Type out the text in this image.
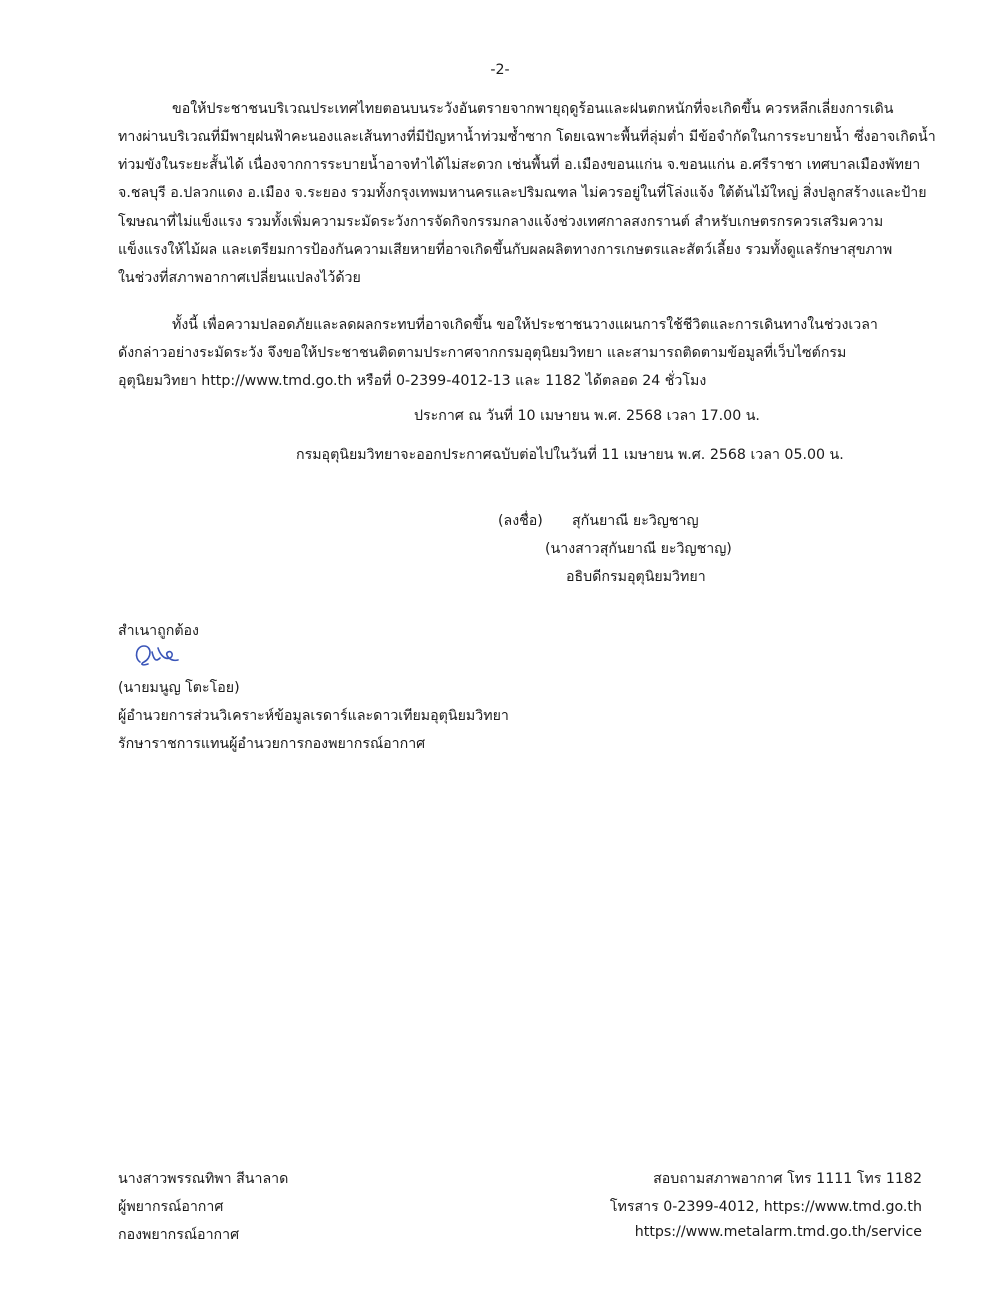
-2-
ขอให้ประชาชนบริเวณประเทศไทยตอนบนระวังอันตรายจากพายุฤดูร้อนและฝนตกหนักที่จะเกิดขึ้น ควรหลีกเลี่ยงการเดิน
ทางผ่านบริเวณที่มีพายุฝนฟ้าคะนองและเส้นทางที่มีปัญหาน้ำท่วมซ้ำซาก โดยเฉพาะพื้นที่ลุ่มต่ำ มีข้อจำกัดในการระบายน้ำ ซึ่งอาจเกิดน้ำ
ท่วมขังในระยะสั้นได้ เนื่องจากการระบายน้ำอาจทำได้ไม่สะดวก เช่นพื้นที่ อ.เมืองขอนแก่น จ.ขอนแก่น อ.ศรีราชา เทศบาลเมืองพัทยา
จ.ชลบุรี อ.ปลวกแดง อ.เมือง จ.ระยอง รวมทั้งกรุงเทพมหานครและปริมณฑล ไม่ควรอยู่ในที่โล่งแจ้ง ใต้ต้นไม้ใหญ่ สิ่งปลูกสร้างและป้าย
โฆษณาที่ไม่แข็งแรง รวมทั้งเพิ่มความระมัดระวังการจัดกิจกรรมกลางแจ้งช่วงเทศกาลสงกรานต์ สำหรับเกษตรกรควรเสริมความ
แข็งแรงให้ไม้ผล และเตรียมการป้องกันความเสียหายที่อาจเกิดขึ้นกับผลผลิตทางการเกษตรและสัตว์เลี้ยง รวมทั้งดูแลรักษาสุขภาพ
ในช่วงที่สภาพอากาศเปลี่ยนแปลงไว้ด้วย
ทั้งนี้ เพื่อความปลอดภัยและลดผลกระทบที่อาจเกิดขึ้น ขอให้ประชาชนวางแผนการใช้ชีวิตและการเดินทางในช่วงเวลา
ดังกล่าวอย่างระมัดระวัง จึงขอให้ประชาชนติดตามประกาศจากกรมอุตุนิยมวิทยา และสามารถติดตามข้อมูลที่เว็บไซต์กรม
อุตุนิยมวิทยา http://www.tmd.go.th หรือที่ 0-2399-4012-13 และ 1182 ได้ตลอด 24 ชั่วโมง
ประกาศ ณ วันที่ 10 เมษายน พ.ศ. 2568 เวลา 17.00 น.
กรมอุตุนิยมวิทยาจะออกประกาศฉบับต่อไปในวันที่ 11 เมษายน พ.ศ. 2568 เวลา 05.00 น.
(ลงชื่อ) สุกันยาณี ยะวิญชาญ
(นางสาวสุกันยาณี ยะวิญชาญ)
อธิบดีกรมอุตุนิยมวิทยา
สำเนาถูกต้อง
(นายมนูญ โตะโอย)
ผู้อำนวยการส่วนวิเคราะห์ข้อมูลเรดาร์และดาวเทียมอุตุนิยมวิทยา
รักษาราชการแทนผู้อำนวยการกองพยากรณ์อากาศ
นางสาวพรรณทิพา สีนาลาด
ผู้พยากรณ์อากาศ
กองพยากรณ์อากาศ
สอบถามสภาพอากาศ โทร 1111 โทร 1182
โทรสาร 0-2399-4012, https://www.tmd.go.th
https://www.metalarm.tmd.go.th/service
